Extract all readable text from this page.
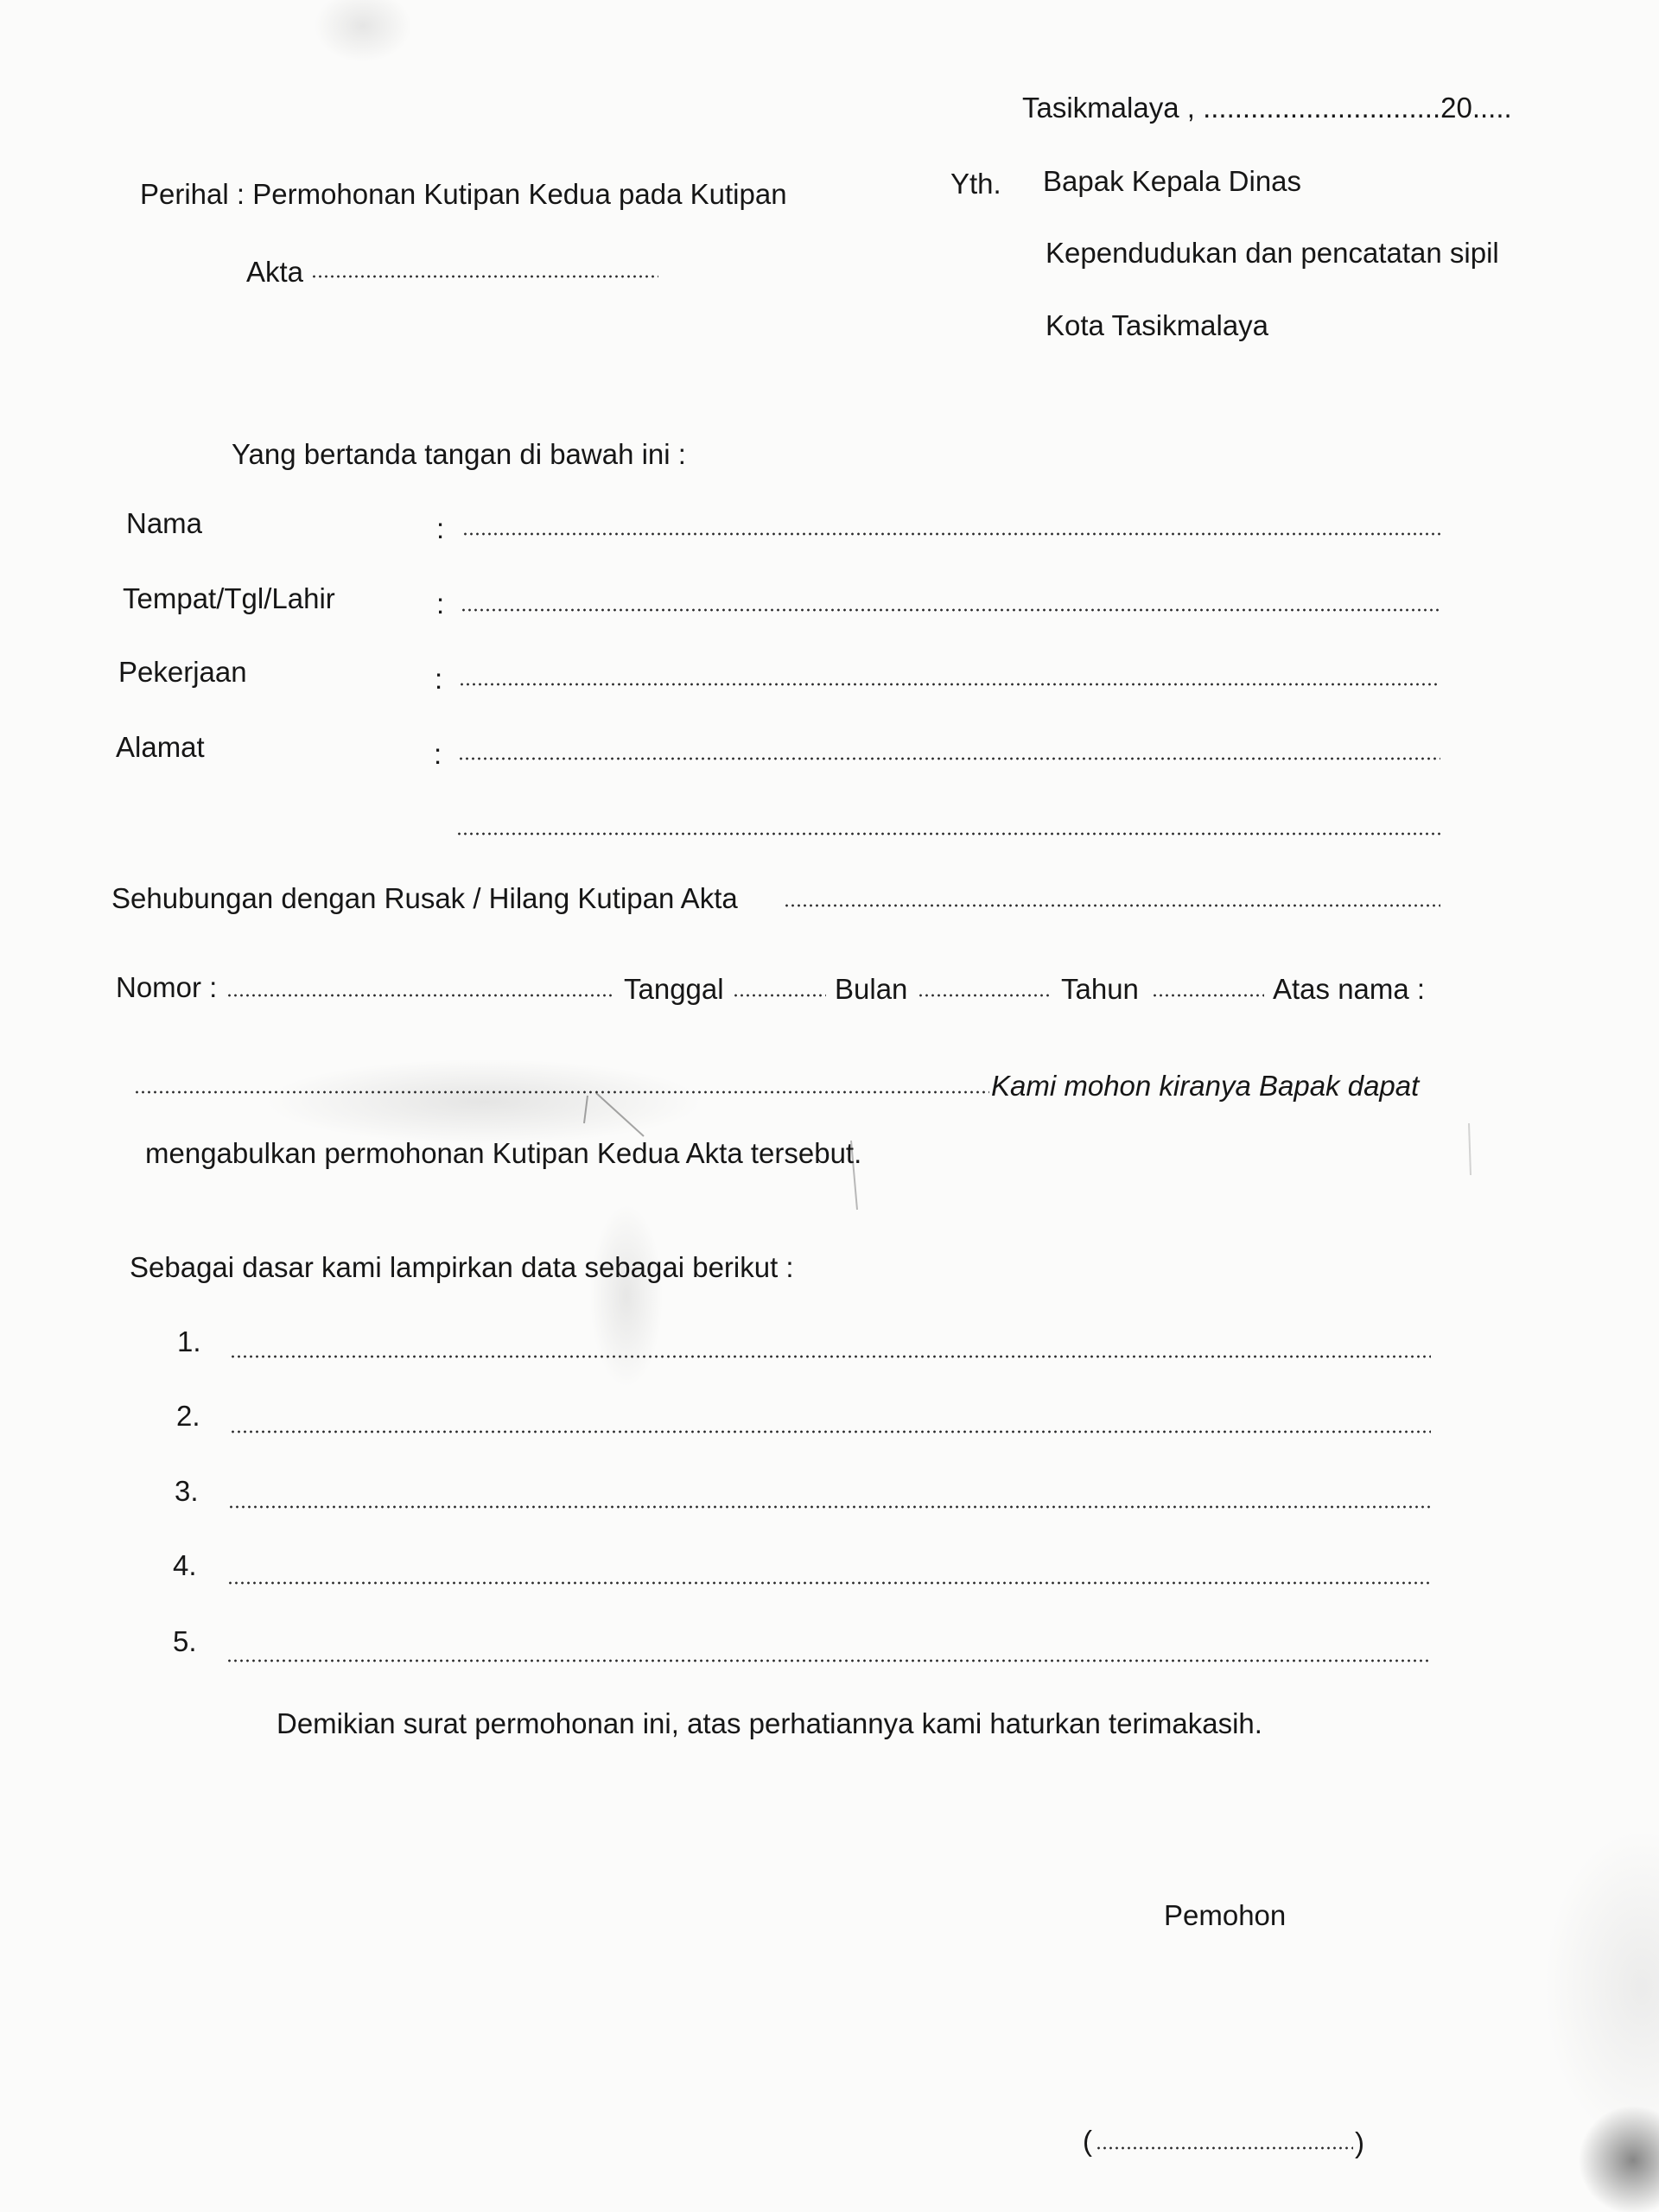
Tasikmalaya , ..............................20.....
Perihal : Permohonan Kutipan Kedua pada Kutipan
Akta
Yth. Bapak Kepala Dinas
Kependudukan dan pencatatan sipil
Kota Tasikmalaya
Yang bertanda tangan di bawah ini :
Nama	:
Tempat/Tgl/Lahir	:
Pekerjaan	:
Alamat	:
Sehubungan dengan Rusak / Hilang Kutipan Akta
Nomor :	Tanggal	Bulan	Tahun	Atas nama :
Kami mohon kiranya Bapak dapat
mengabulkan permohonan Kutipan Kedua Akta tersebut.
Sebagai dasar kami lampirkan data sebagai berikut :
1.
2.
3.
4.
5.
Demikian surat permohonan ini, atas perhatiannya kami haturkan terimakasih.
Pemohon
(	)
